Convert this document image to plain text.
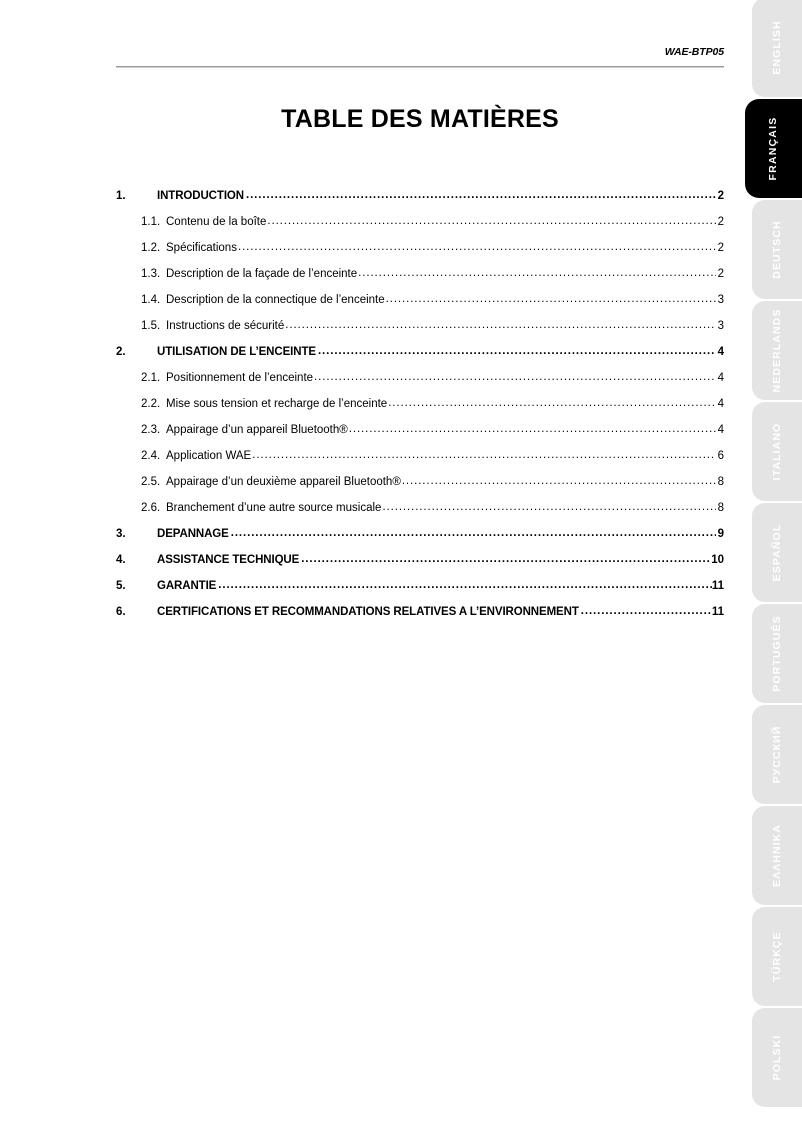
WAE-BTP05
TABLE DES MATIÈRES
1.	INTRODUCTION .....	2
1.1. Contenu de la boîte .....	2
1.2. Spécifications .....	2
1.3. Description de la façade de l’enceinte .....	2
1.4. Description de la connectique de l’enceinte .....	3
1.5. Instructions de sécurité .....	3
2.	UTILISATION DE L’ENCEINTE .....	4
2.1. Positionnement de l’enceinte .....	4
2.2. Mise sous tension et recharge de l’enceinte .....	4
2.3. Appairage d’un appareil Bluetooth® .....	4
2.4. Application WAE .....	6
2.5. Appairage d’un deuxième appareil Bluetooth® .....	8
2.6. Branchement d’une autre source musicale .....	8
3.	DEPANNAGE .....	9
4.	ASSISTANCE TECHNIQUE .....	10
5.	GARANTIE .....	11
6.	CERTIFICATIONS ET RECOMMANDATIONS RELATIVES A L’ENVIRONNEMENT .....	11
ENGLISH
FRANÇAIS
DEUTSCH
NEDERLANDS
ITALIANO
ESPAÑOL
PORTUGUÊS
РУССКИЙ
ΕΛΛΗΝΙΚΑ
TÜRKÇE
POLSKI
